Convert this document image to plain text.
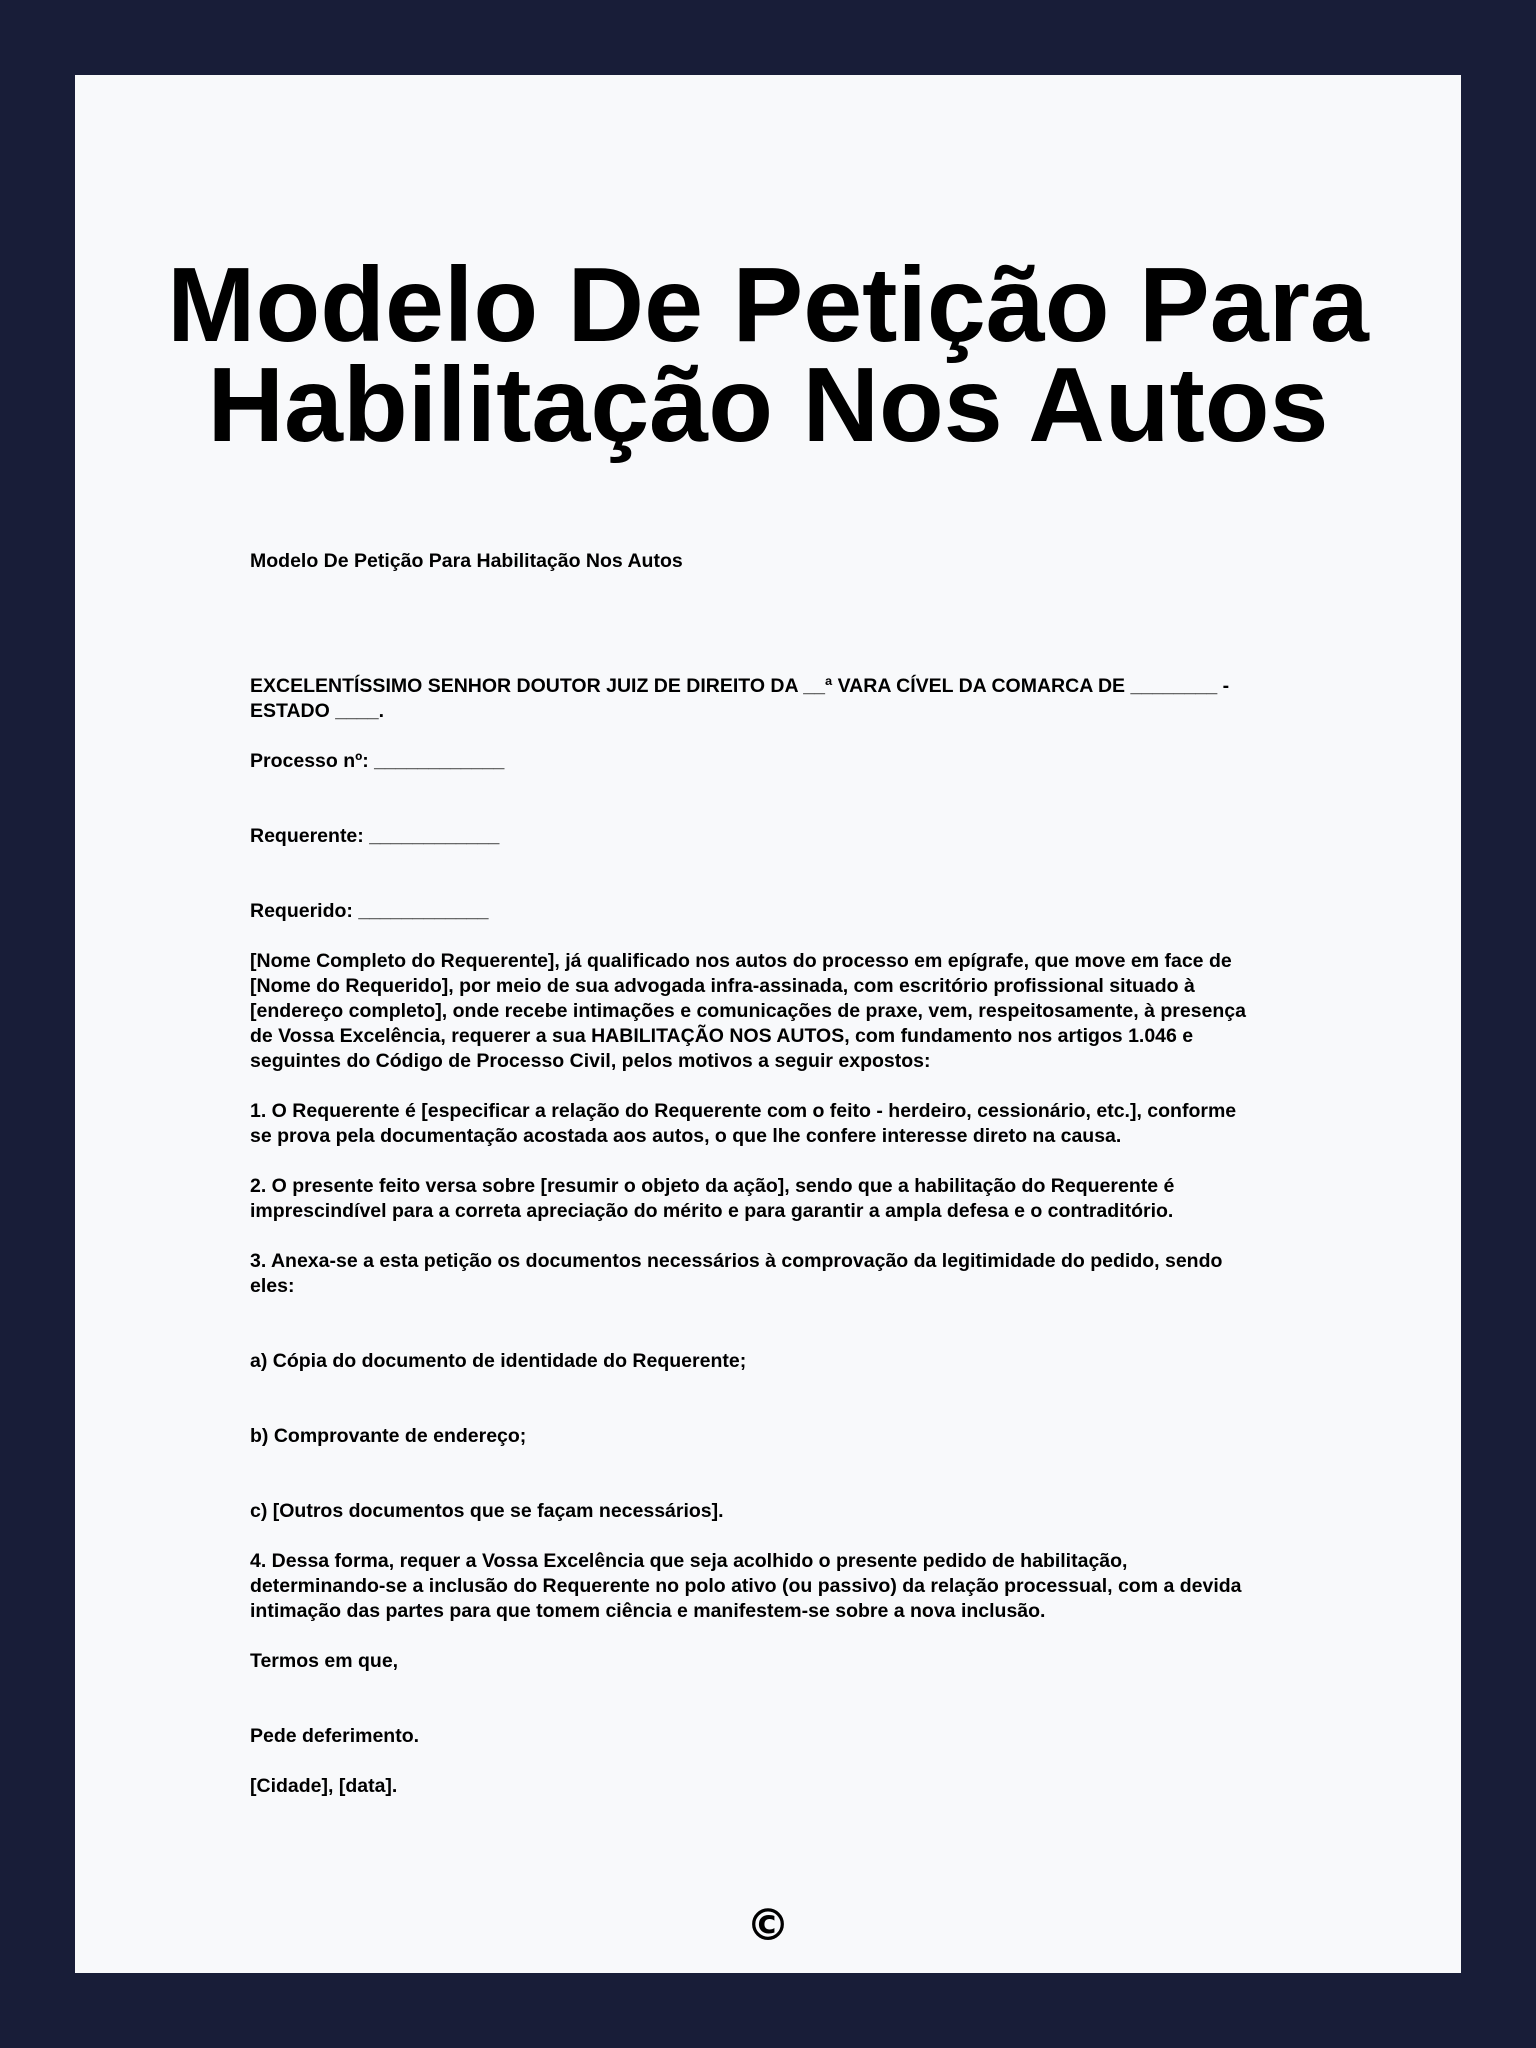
Modelo De Petição Para
Habilitação Nos Autos

Modelo De Petição Para Habilitação Nos Autos

EXCELENTÍSSIMO SENHOR DOUTOR JUIZ DE DIREITO DA __ª VARA CÍVEL DA COMARCA DE ________ -

ESTADO ____.

Processo nº: ____________

Requerente: ____________

Requerido: ____________

[Nome Completo do Requerente], já qualificado nos autos do processo em epígrafe, que move em face de

[Nome do Requerido], por meio de sua advogada infra-assinada, com escritório profissional situado à

[endereço completo], onde recebe intimações e comunicações de praxe, vem, respeitosamente, à presença

de Vossa Excelência, requerer a sua HABILITAÇÃO NOS AUTOS, com fundamento nos artigos 1.046 e

seguintes do Código de Processo Civil, pelos motivos a seguir expostos:

1. O Requerente é [especificar a relação do Requerente com o feito - herdeiro, cessionário, etc.], conforme

se prova pela documentação acostada aos autos, o que lhe confere interesse direto na causa.

2. O presente feito versa sobre [resumir o objeto da ação], sendo que a habilitação do Requerente é

imprescindível para a correta apreciação do mérito e para garantir a ampla defesa e o contraditório.

3. Anexa-se a esta petição os documentos necessários à comprovação da legitimidade do pedido, sendo

eles:

a) Cópia do documento de identidade do Requerente;

b) Comprovante de endereço;

c) [Outros documentos que se façam necessários].

4. Dessa forma, requer a Vossa Excelência que seja acolhido o presente pedido de habilitação,

determinando-se a inclusão do Requerente no polo ativo (ou passivo) da relação processual, com a devida

intimação das partes para que tomem ciência e manifestem-se sobre a nova inclusão.

Termos em que,

Pede deferimento.

[Cidade], [data].

©
